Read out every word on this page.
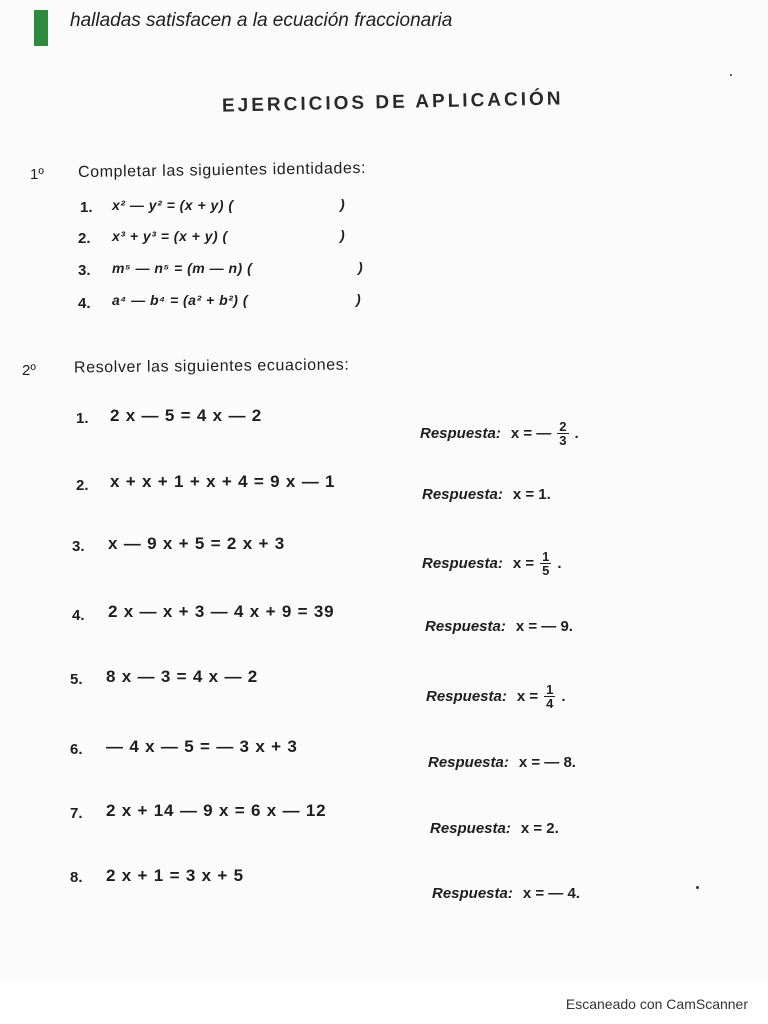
halladas satisfacen a la ecuación fraccionaria
EJERCICIOS DE APLICACIÓN
1º Completar las siguientes identidades:
1. x² — y² = (x + y) (	)
2. x³ + y³ = (x + y) (	)
3. m⁵ — n⁵ = (m — n) (	)
4. a⁴ — b⁴ = (a² + b²) (	)
2º Resolver las siguientes ecuaciones:
1. 2 x — 5 = 4 x — 2
Respuesta: x = — $\frac{2}{3}$ .
2. x + x + 1 + x + 4 = 9 x — 1
Respuesta: x = 1.
3. x — 9 x + 5 = 2 x + 3
Respuesta: $x = \frac{1}{5}$ .
4. 2 x — x + 3 — 4 x + 9 = 39
Respuesta: x = — 9.
5. 8 x — 3 = 4 x — 2
Respuesta: $x = \frac{1}{4}$ .
6. — 4 x — 5 = — 3 x + 3
Respuesta: x = — 8.
7. 2 x + 14 — 9 x = 6 x — 12
Respuesta: x = 2.
8. 2 x + 1 = 3 x + 5
Respuesta: x = — 4.
Escaneado con CamScanner
